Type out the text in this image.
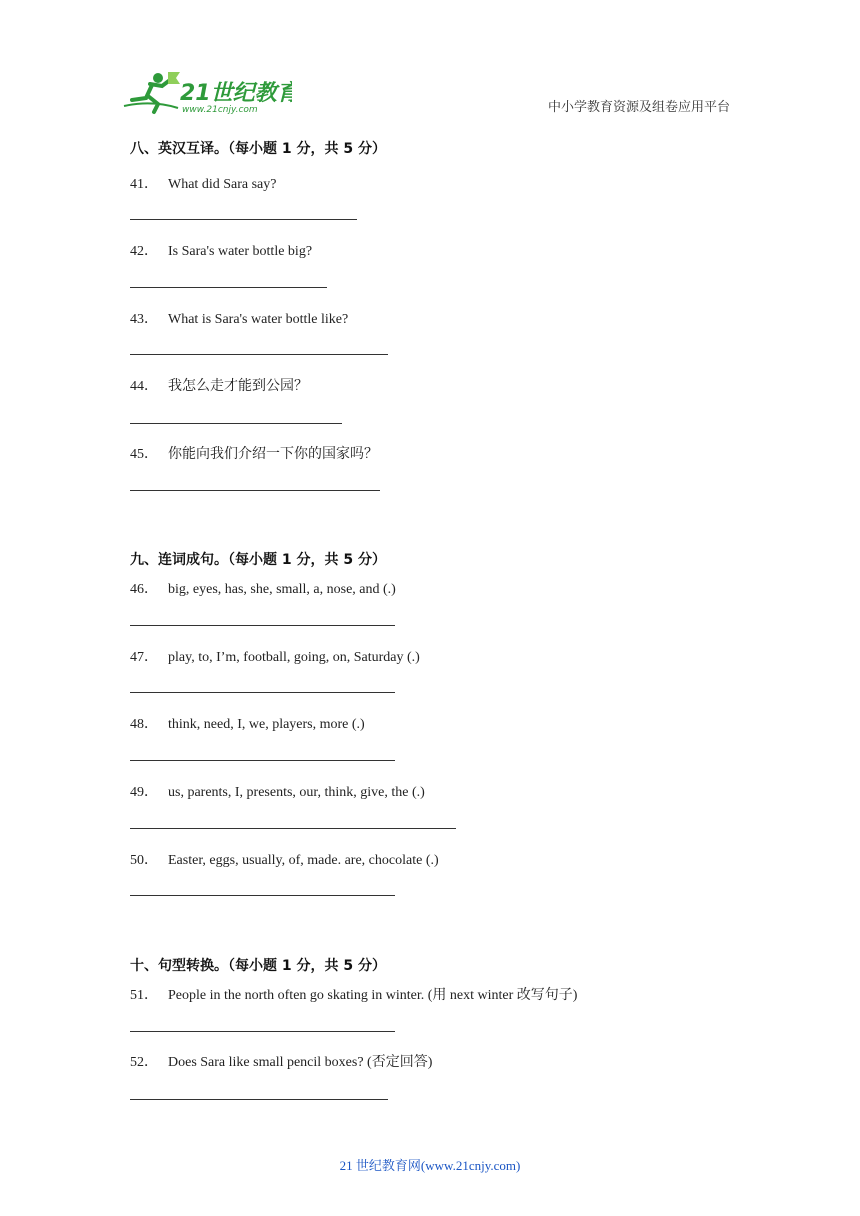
21世纪教育
www.21cnjy.com	中小学教育资源及组卷应用平台
八、英汉互译。（每小题 1 分，共 5 分）
41． What did Sara say?
42． Is Sara's water bottle big?
43． What is Sara's water bottle like?
44． 我怎么走才能到公园？
45． 你能向我们介绍一下你的国家吗？
九、连词成句。（每小题 1 分，共 5 分）
46． big, eyes, has, she, small, a, nose, and (.)
47． play, to, I’m, football, going, on, Saturday (.)
48． think, need, I, we, players, more (.)
49． us, parents, I, presents, our, think, give, the (.)
50． Easter, eggs, usually, of, made. are, chocolate (.)
十、句型转换。（每小题 1 分，共 5 分）
51． People in the north often go skating in winter. (用 next winter 改写句子)
52． Does Sara like small pencil boxes? (否定回答)
21 世纪教育网(www.21cnjy.com)
